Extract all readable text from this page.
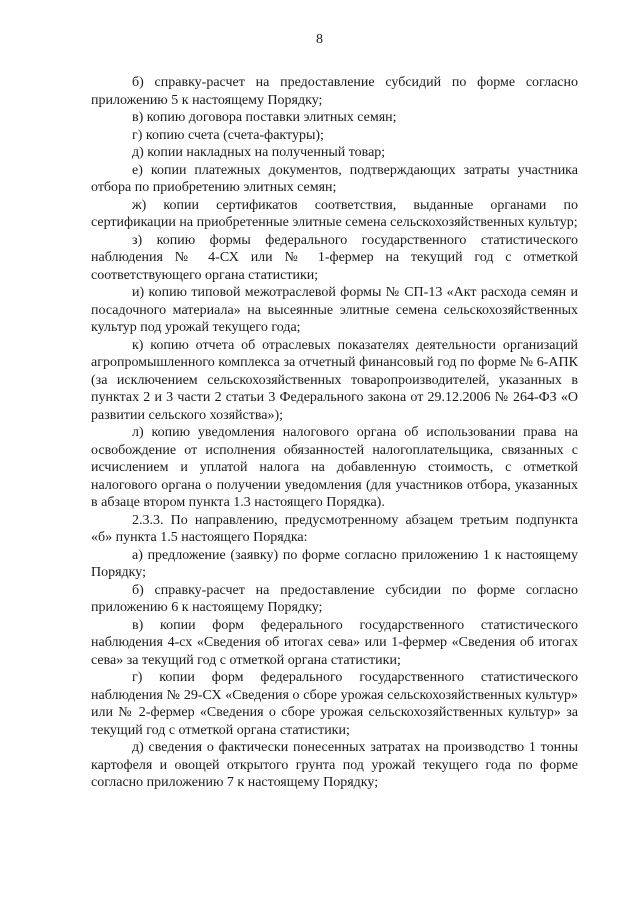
8

б) справку-расчет на предоставление субсидий по форме согласно приложению 5 к настоящему Порядку;

в) копию договора поставки элитных семян;

г) копию счета (счета-фактуры);

д) копии накладных на полученный товар;

е) копии платежных документов, подтверждающих затраты участника отбора по приобретению элитных семян;

ж) копии сертификатов соответствия, выданные органами по сертификации на приобретенные элитные семена сельскохозяйственных культур;

з) копию формы федерального государственного статистического наблюдения № 4-СХ или № 1-фермер на текущий год с отметкой соответствующего органа статистики;

и) копию типовой межотраслевой формы № СП-13 «Акт расхода семян и посадочного материала» на высеянные элитные семена сельскохозяйственных культур под урожай текущего года;

к) копию отчета об отраслевых показателях деятельности организаций агропромышленного комплекса за отчетный финансовый год по форме № 6-АПК (за исключением сельскохозяйственных товаропроизводителей, указанных в пунктах 2 и 3 части 2 статьи 3 Федерального закона от 29.12.2006 № 264-ФЗ «О развитии сельского хозяйства»);

л) копию уведомления налогового органа об использовании права на освобождение от исполнения обязанностей налогоплательщика, связанных с исчислением и уплатой налога на добавленную стоимость, с отметкой налогового органа о получении уведомления (для участников отбора, указанных в абзаце втором пункта 1.3 настоящего Порядка).

2.3.3. По направлению, предусмотренному абзацем третьим подпункта «б» пункта 1.5 настоящего Порядка:

а) предложение (заявку) по форме согласно приложению 1 к настоящему Порядку;

б) справку-расчет на предоставление субсидии по форме согласно приложению 6 к настоящему Порядку;

в) копии форм федерального государственного статистического наблюдения 4-сх «Сведения об итогах сева» или 1-фермер «Сведения об итогах сева» за текущий год с отметкой органа статистики;

г) копии форм федерального государственного статистического наблюдения № 29-СХ «Сведения о сборе урожая сельскохозяйственных культур» или № 2-фермер «Сведения о сборе урожая сельскохозяйственных культур» за текущий год с отметкой органа статистики;

д) сведения о фактически понесенных затратах на производство 1 тонны картофеля и овощей открытого грунта под урожай текущего года по форме согласно приложению 7 к настоящему Порядку;
